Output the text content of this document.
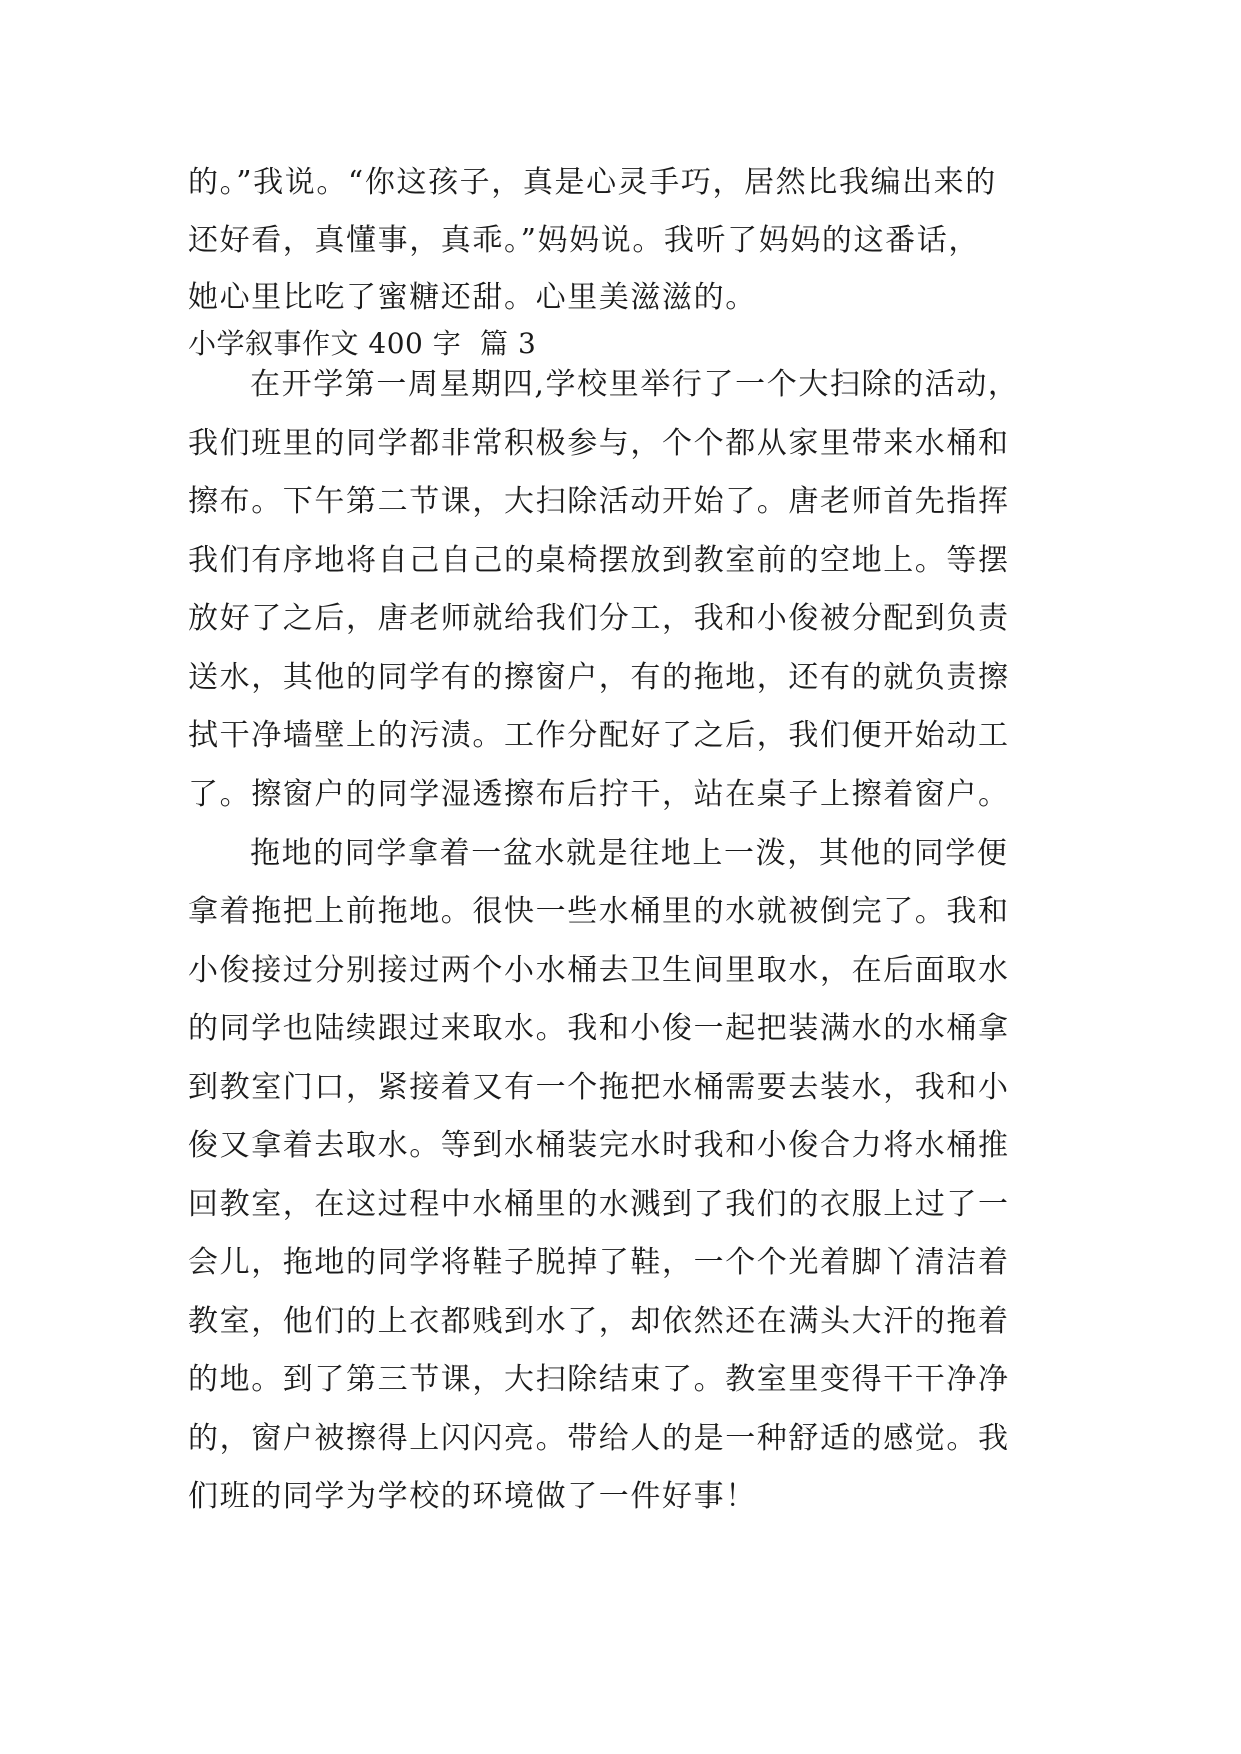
的。”我说。“你这孩子，真是心灵手巧，居然比我编出来的
还好看，真懂事，真乖。”妈妈说。我听了妈妈的这番话，
她心里比吃了蜜糖还甜。心里美滋滋的。
小学叙事作文 400 字  篇 3
在开学第一周星期四,学校里举行了一个大扫除的活动，
我们班里的同学都非常积极参与，个个都从家里带来水桶和
擦布。下午第二节课，大扫除活动开始了。唐老师首先指挥
我们有序地将自己自己的桌椅摆放到教室前的空地上。等摆
放好了之后，唐老师就给我们分工，我和小俊被分配到负责
送水，其他的同学有的擦窗户，有的拖地，还有的就负责擦
拭干净墙壁上的污渍。工作分配好了之后，我们便开始动工
了。擦窗户的同学湿透擦布后拧干，站在桌子上擦着窗户。
拖地的同学拿着一盆水就是往地上一泼，其他的同学便
拿着拖把上前拖地。很快一些水桶里的水就被倒完了。我和
小俊接过分别接过两个小水桶去卫生间里取水，在后面取水
的同学也陆续跟过来取水。我和小俊一起把装满水的水桶拿
到教室门口，紧接着又有一个拖把水桶需要去装水，我和小
俊又拿着去取水。等到水桶装完水时我和小俊合力将水桶推
回教室，在这过程中水桶里的水溅到了我们的衣服上过了一
会儿，拖地的同学将鞋子脱掉了鞋，一个个光着脚丫清洁着
教室，他们的上衣都贱到水了，却依然还在满头大汗的拖着
的地。到了第三节课，大扫除结束了。教室里变得干干净净
的，窗户被擦得上闪闪亮。带给人的是一种舒适的感觉。我
们班的同学为学校的环境做了一件好事！
